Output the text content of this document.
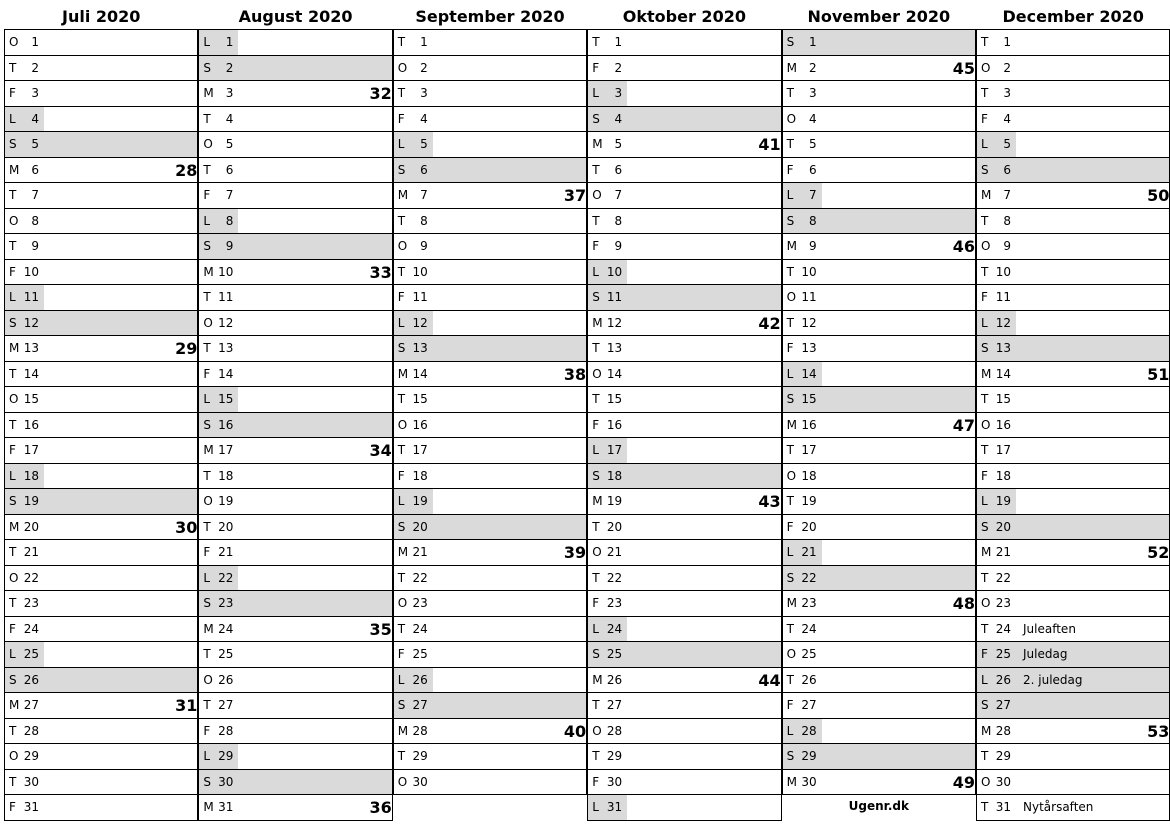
Juli 2020
O	1
T	2
F	3
L	4
S	5
M	6	28
T	7
O	8
T	9
F 10
L 11
S 12
M 13	29
T 14
O 15
T 16
F 17
L 18
S 19
M 20	30
T 21
O 22
T 23
F 24
L 25
S 26
M 27	31
T 28
O 29
T 30
F 31
August 2020
L	1
S	2
M	3	32
T	4
O	5
T	6
F	7
L	8
S	9
M 10	33
T 11
O 12
T 13
F 14
L 15
S 16
M 17	34
T 18
O 19
T 20
F 21
L 22
S 23
M 24	35
T 25
O 26
T 27
F 28
L 29
S 30
M 31	36
September 2020
T	1
O	2
T	3
F	4
L	5
S	6
M	7	37
T	8
O	9
T 10
F 11
L 12
S 13
M 14	38
T 15
O 16
T 17
F 18
L 19
S 20
M 21	39
T 22
O 23
T 24
F 25
L 26
S 27
M 28	40
T 29
O 30
Oktober 2020
T	1
F	2
L	3
S	4
M	5	41
T	6
O	7
T	8
F	9
L 10
S 11
M 12	42
T 13
O 14
T 15
F 16
L 17
S 18
M 19	43
T 20
O 21
T 22
F 23
L 24
S 25
M 26	44
T 27
O 28
T 29
F 30
L 31
November 2020
S	1
M	2	45
T	3
O	4
T	5
F	6
L	7
S	8
M	9	46
T 10
O 11
T 12
F 13
L 14
S 15
M 16	47
T 17
O 18
T 19
F 20
L 21
S 22
M 23	48
T 24
O 25
T 26
F 27
L 28
S 29
M 30	49
Ugenr.dk
December 2020
T	1
O	2
T	3
F	4
L	5
S	6
M	7	50
T	8
O	9
T 10
F 11
L 12
S 13
M 14	51
T 15
O 16
T 17
F 18
L 19
S 20
M 21	52
T 22
O 23
T 24 Juleaften
F 25 Juledag
L 26 2. juledag
S 27
M 28	53
T 29
O 30
T 31 Nytårsaften
